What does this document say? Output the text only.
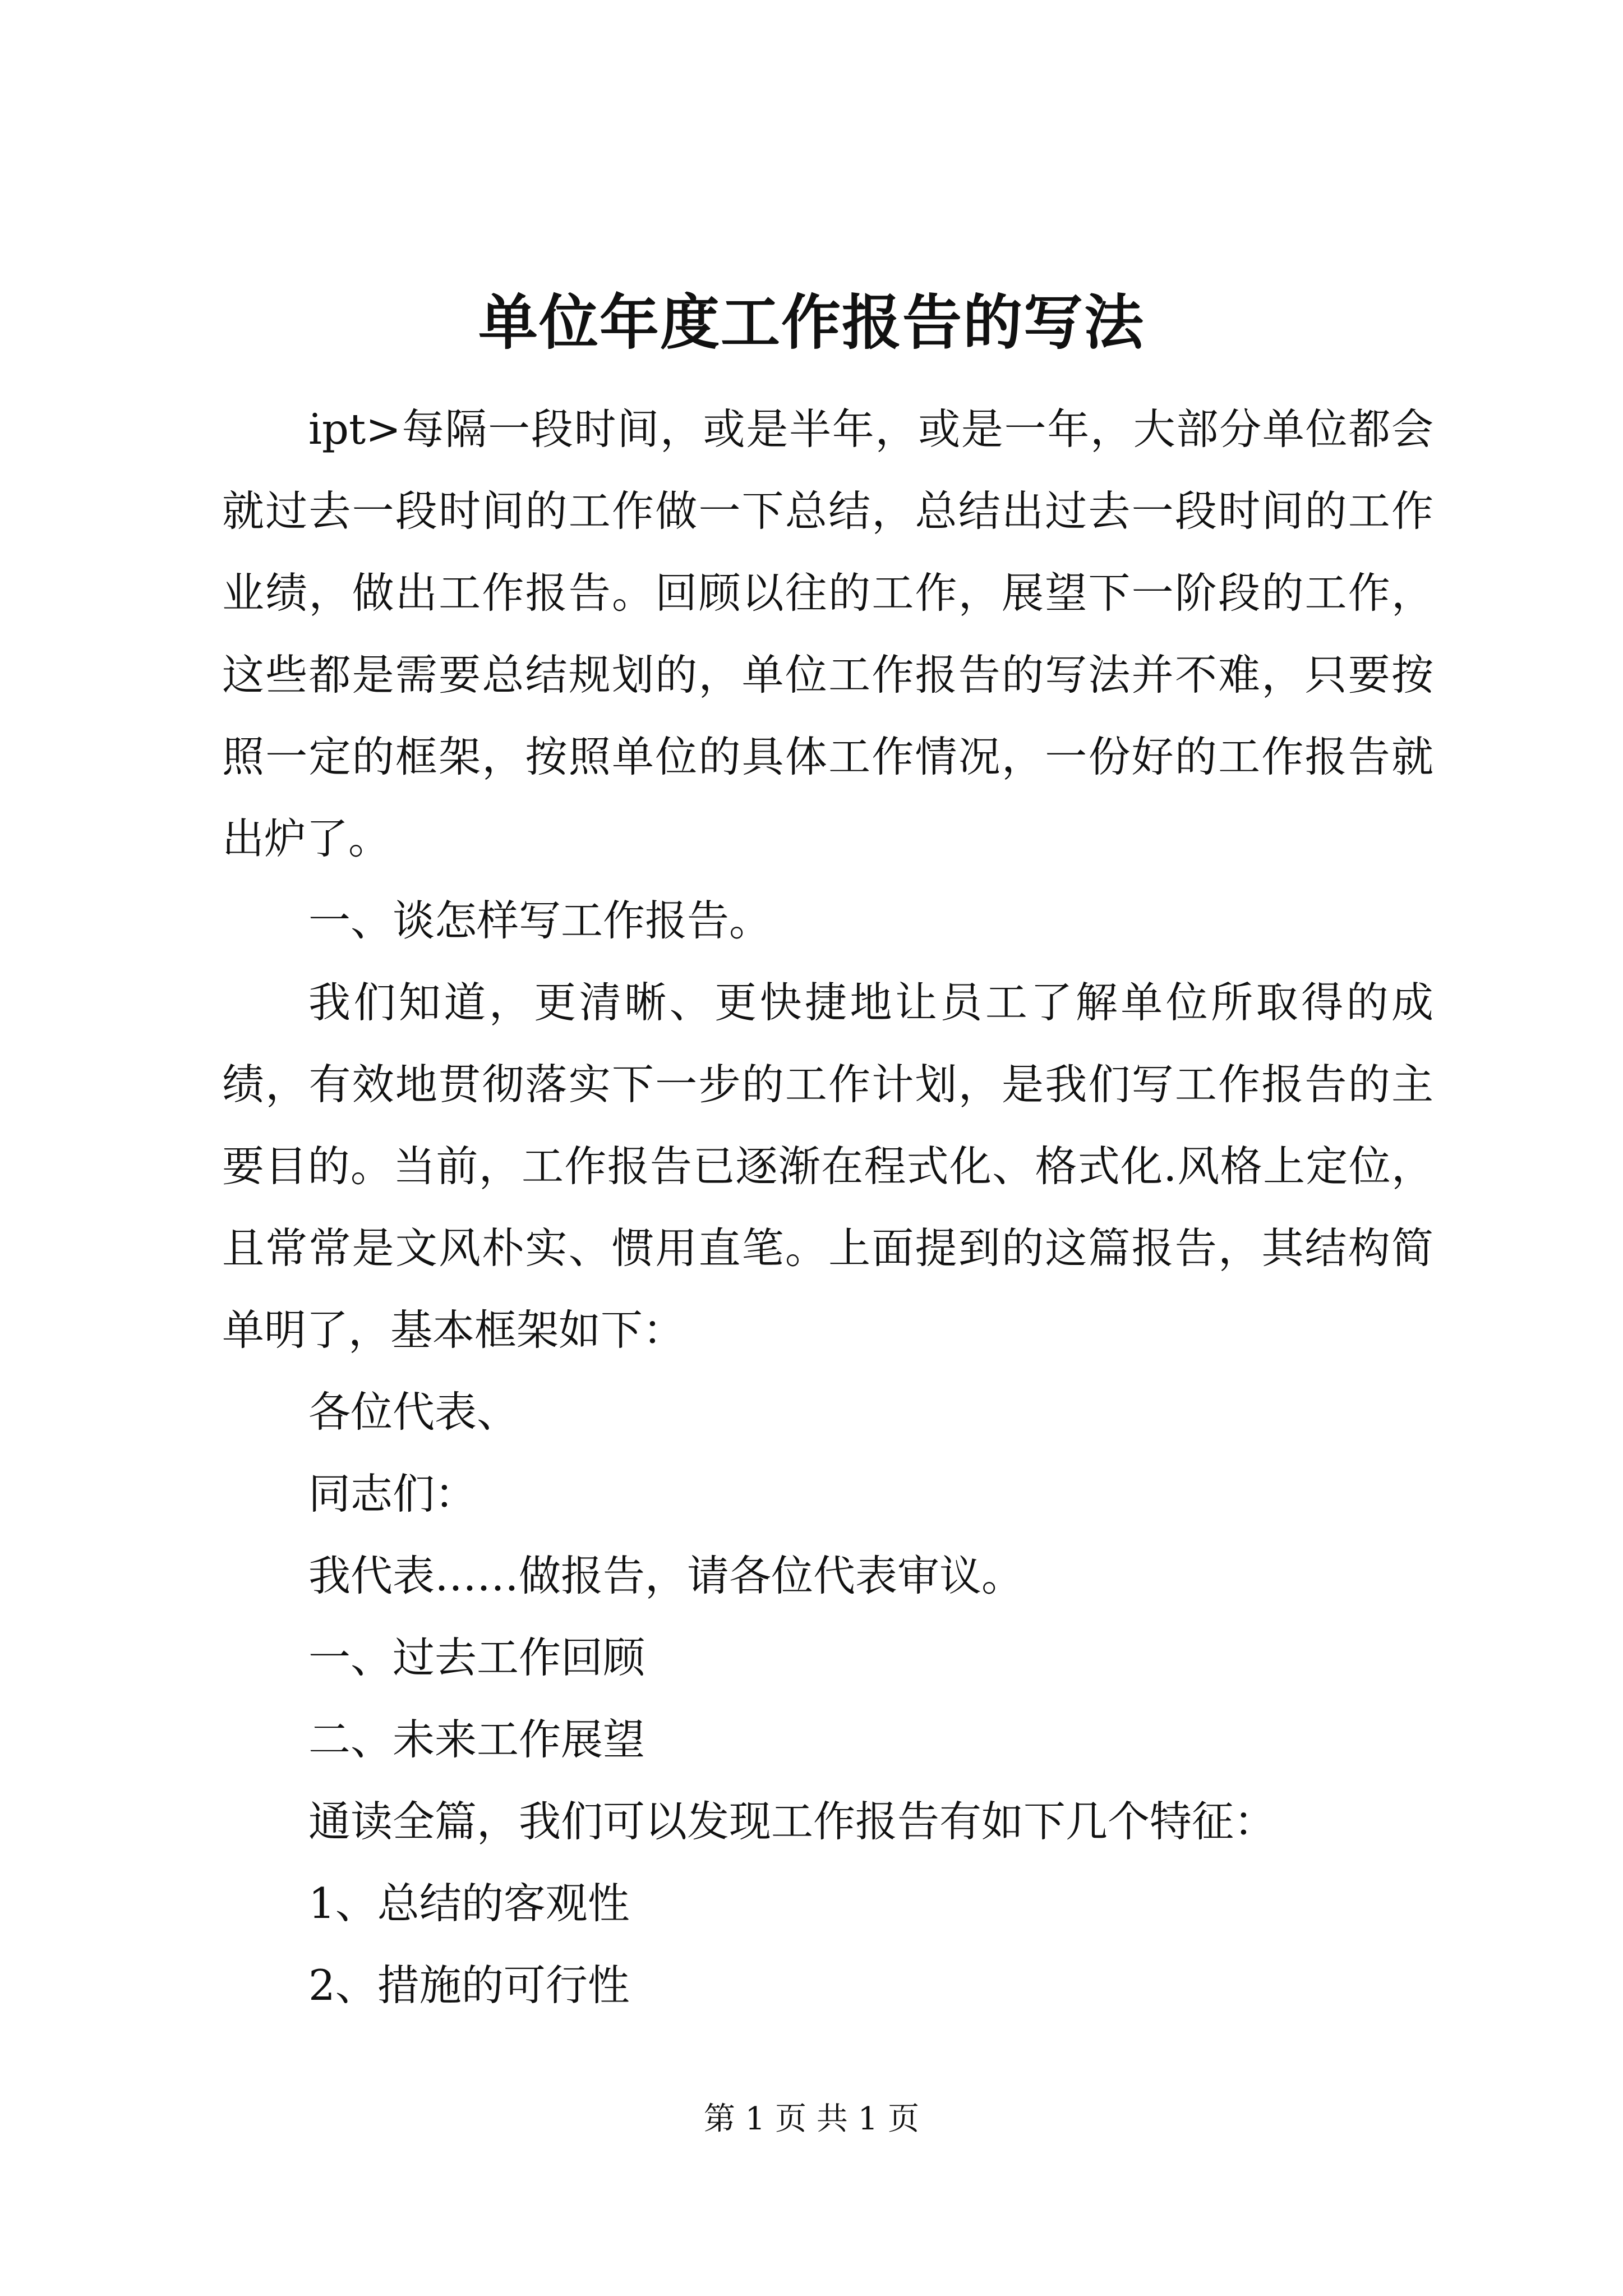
单位年度工作报告的写法

ipt>每隔一段时间，或是半年，或是一年，大部分单位都会就过去一段时间的工作做一下总结，总结出过去一段时间的工作业绩，做出工作报告。回顾以往的工作，展望下一阶段的工作，这些都是需要总结规划的，单位工作报告的写法并不难，只要按照一定的框架，按照单位的具体工作情况，一份好的工作报告就出炉了。

一、谈怎样写工作报告。

我们知道，更清晰、更快捷地让员工了解单位所取得的成绩，有效地贯彻落实下一步的工作计划，是我们写工作报告的主要目的。当前，工作报告已逐渐在程式化、格式化.风格上定位，且常常是文风朴实、惯用直笔。上面提到的这篇报告，其结构简单明了，基本框架如下：

各位代表、

同志们：

我代表……做报告，请各位代表审议。

一、过去工作回顾

二、未来工作展望

通读全篇，我们可以发现工作报告有如下几个特征：

1、总结的客观性

2、措施的可行性

第 1 页 共 1 页
